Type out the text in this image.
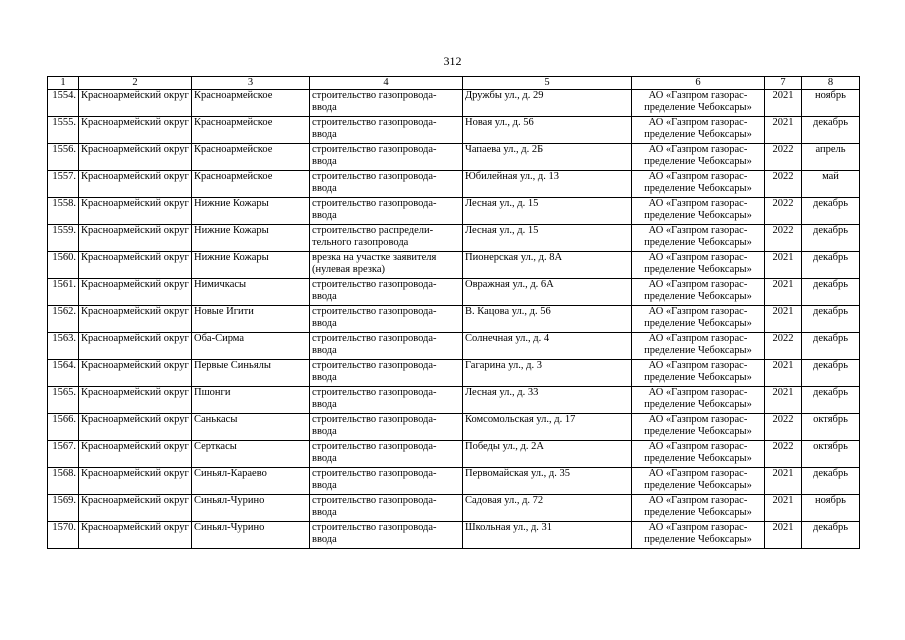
312
1	2	3	4	5	6	7	8
1554.	Красноармейский округ	Красноармейское	строительство газопровода-ввода	Дружбы ул., д. 29	АО «Газпром газорас-пределение Чебоксары»	2021	ноябрь
1555.	Красноармейский округ	Красноармейское	строительство газопровода-ввода	Новая ул., д. 56	АО «Газпром газорас-пределение Чебоксары»	2021	декабрь
1556.	Красноармейский округ	Красноармейское	строительство газопровода-ввода	Чапаева ул., д. 2Б	АО «Газпром газорас-пределение Чебоксары»	2022	апрель
1557.	Красноармейский округ	Красноармейское	строительство газопровода-ввода	Юбилейная ул., д. 13	АО «Газпром газорас-пределение Чебоксары»	2022	май
1558.	Красноармейский округ	Нижние Кожары	строительство газопровода-ввода	Лесная ул., д. 15	АО «Газпром газорас-пределение Чебоксары»	2022	декабрь
1559.	Красноармейский округ	Нижние Кожары	строительство распредели-тельного газопровода	Лесная ул., д. 15	АО «Газпром газорас-пределение Чебоксары»	2022	декабрь
1560.	Красноармейский округ	Нижние Кожары	врезка на участке заявителя (нулевая врезка)	Пионерская ул., д. 8А	АО «Газпром газорас-пределение Чебоксары»	2021	декабрь
1561.	Красноармейский округ	Нимичкасы	строительство газопровода-ввода	Овражная ул., д. 6А	АО «Газпром газорас-пределение Чебоксары»	2021	декабрь
1562.	Красноармейский округ	Новые Игити	строительство газопровода-ввода	В. Кацова ул., д. 56	АО «Газпром газорас-пределение Чебоксары»	2021	декабрь
1563.	Красноармейский округ	Оба-Сирма	строительство газопровода-ввода	Солнечная ул., д. 4	АО «Газпром газорас-пределение Чебоксары»	2022	декабрь
1564.	Красноармейский округ	Первые Синьялы	строительство газопровода-ввода	Гагарина ул., д. 3	АО «Газпром газорас-пределение Чебоксары»	2021	декабрь
1565.	Красноармейский округ	Пшонги	строительство газопровода-ввода	Лесная ул., д. 33	АО «Газпром газорас-пределение Чебоксары»	2021	декабрь
1566.	Красноармейский округ	Санькасы	строительство газопровода-ввода	Комсомольская ул., д. 17	АО «Газпром газорас-пределение Чебоксары»	2022	октябрь
1567.	Красноармейский округ	Серткасы	строительство газопровода-ввода	Победы ул., д. 2А	АО «Газпром газорас-пределение Чебоксары»	2022	октябрь
1568.	Красноармейский округ	Синьял-Караево	строительство газопровода-ввода	Первомайская ул., д. 35	АО «Газпром газорас-пределение Чебоксары»	2021	декабрь
1569.	Красноармейский округ	Синьял-Чурино	строительство газопровода-ввода	Садовая ул., д. 72	АО «Газпром газорас-пределение Чебоксары»	2021	ноябрь
1570.	Красноармейский округ	Синьял-Чурино	строительство газопровода-ввода	Школьная ул., д. 31	АО «Газпром газорас-пределение Чебоксары»	2021	декабрь
